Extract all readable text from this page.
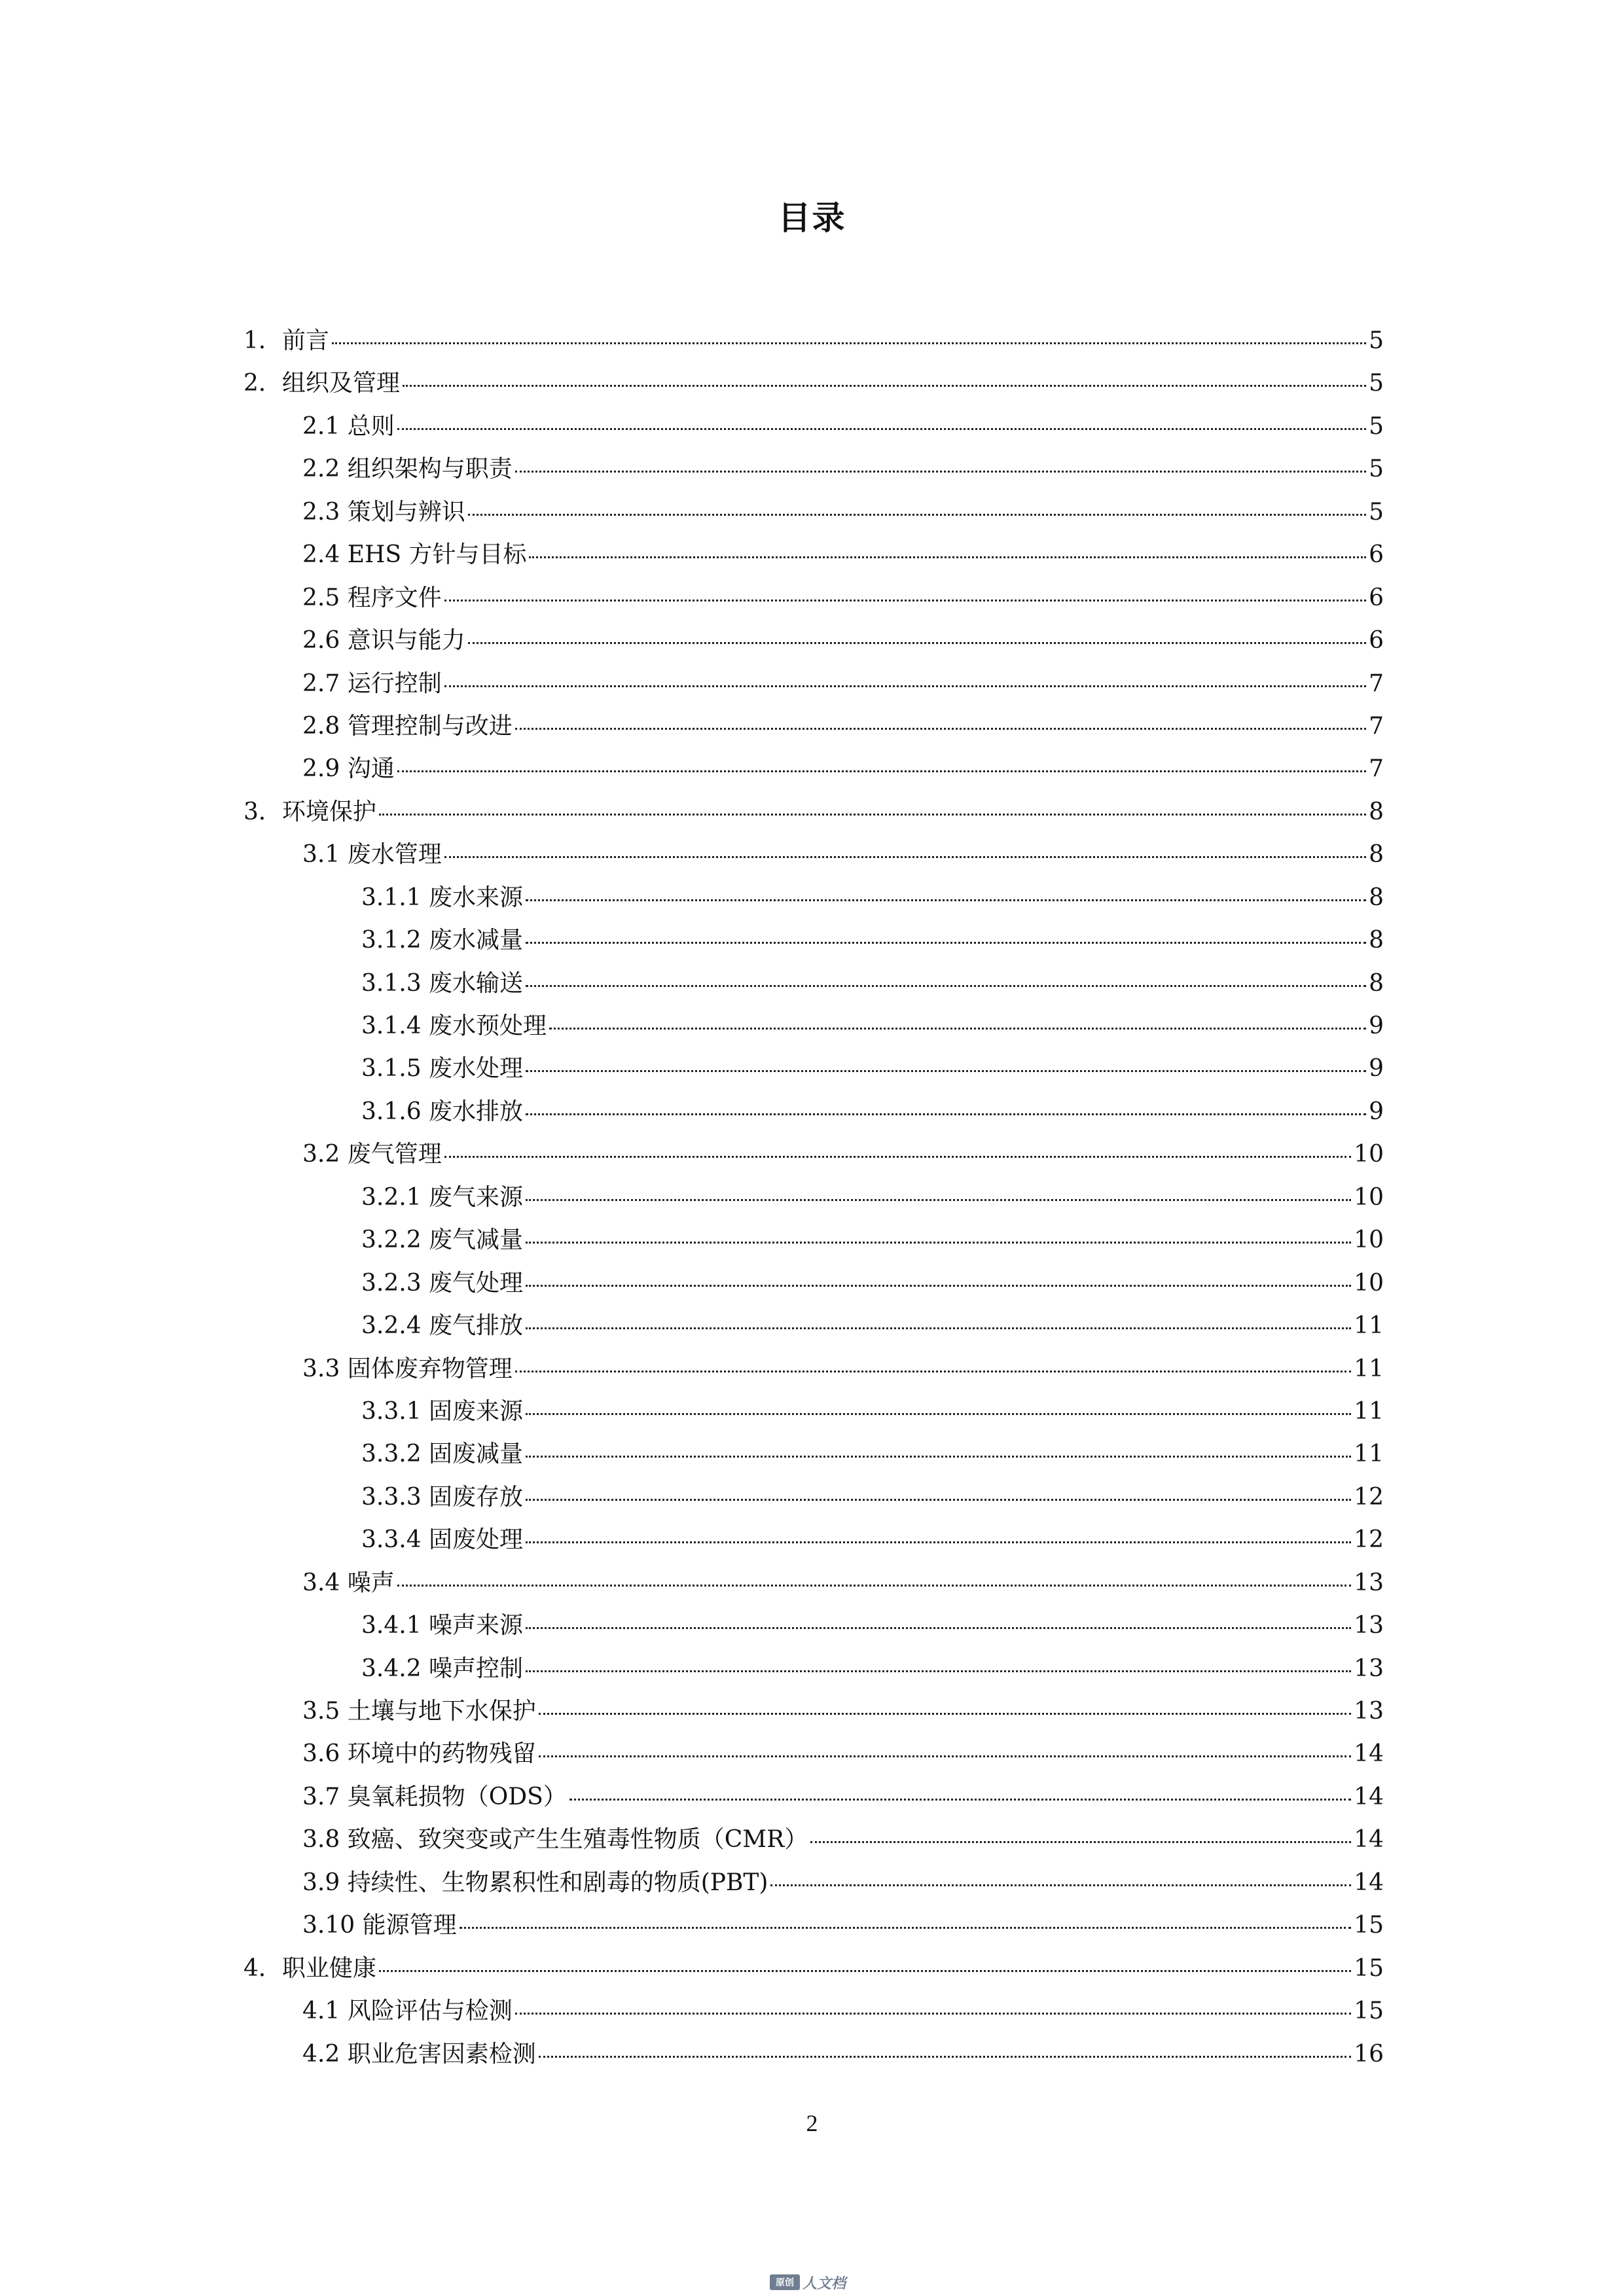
目录
1．前言	5
2．组织及管理	5
2.1 总则	5
2.2 组织架构与职责	5
2.3 策划与辨识	5
2.4 EHS 方针与目标	6
2.5 程序文件	6
2.6 意识与能力	6
2.7 运行控制	7
2.8 管理控制与改进	7
2.9 沟通	7
3．环境保护	8
3.1 废水管理	8
3.1.1 废水来源	8
3.1.2 废水减量	8
3.1.3 废水输送	8
3.1.4 废水预处理	9
3.1.5 废水处理	9
3.1.6 废水排放	9
3.2 废气管理	10
3.2.1 废气来源	10
3.2.2 废气减量	10
3.2.3 废气处理	10
3.2.4 废气排放	11
3.3 固体废弃物管理	11
3.3.1 固废来源	11
3.3.2 固废减量	11
3.3.3 固废存放	12
3.3.4 固废处理	12
3.4 噪声	13
3.4.1 噪声来源	13
3.4.2 噪声控制	13
3.5 土壤与地下水保护	13
3.6 环境中的药物残留	14
3.7 臭氧耗损物（ODS）	14
3.8 致癌、致突变或产生生殖毒性物质（CMR）	14
3.9 持续性、生物累积性和剧毒的物质(PBT)	14
3.10 能源管理	15
4．职业健康	15
4.1 风险评估与检测	15
4.2 职业危害因素检测	16
2
原创 人文档
